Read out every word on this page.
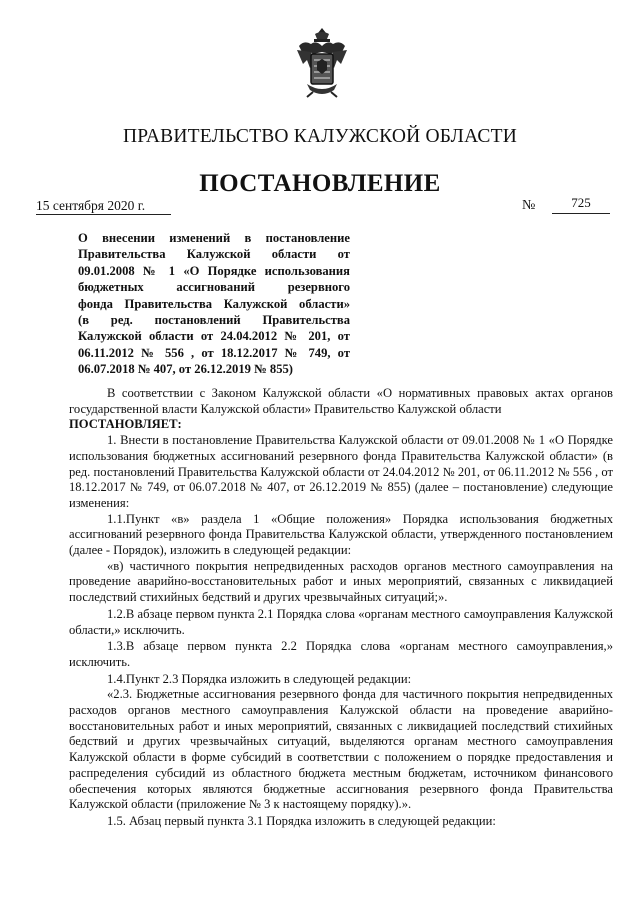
ПРАВИТЕЛЬСТВО КАЛУЖСКОЙ ОБЛАСТИ
ПОСТАНОВЛЕНИЕ
15 сентября 2020 г.	№	725
О внесении изменений в постановление
Правительства Калужской области от
09.01.2008 № 1 «О Порядке использования
бюджетных ассигнований резервного
фонда Правительства Калужской области»
(в ред. постановлений Правительства
Калужской области от 24.04.2012 № 201, от
06.11.2012 № 556 , от 18.12.2017 № 749, от
06.07.2018 № 407, от 26.12.2019 № 855)
В соответствии с Законом Калужской области «О нормативных правовых актах органов государственной власти Калужской области» Правительство Калужской области
ПОСТАНОВЛЯЕТ:
1. Внести в постановление Правительства Калужской области от 09.01.2008 № 1 «О Порядке использования бюджетных ассигнований резервного фонда Правительства Калужской области» (в ред. постановлений Правительства Калужской области от 24.04.2012 № 201, от 06.11.2012 № 556 , от 18.12.2017 № 749, от 06.07.2018 № 407, от 26.12.2019 № 855) (далее – постановление) следующие изменения:
1.1.Пункт «в» раздела 1 «Общие положения» Порядка использования бюджетных ассигнований резервного фонда Правительства Калужской области, утвержденного постановлением (далее - Порядок), изложить в следующей редакции:
«в) частичного покрытия непредвиденных расходов органов местного самоуправления на проведение аварийно-восстановительных работ и иных мероприятий, связанных с ликвидацией последствий стихийных бедствий и других чрезвычайных ситуаций;».
1.2.В абзаце первом пункта 2.1 Порядка слова «органам местного самоуправления Калужской области,» исключить.
1.3.В абзаце первом пункта 2.2 Порядка слова «органам местного самоуправления,» исключить.
1.4.Пункт 2.3 Порядка изложить в следующей редакции:
«2.3. Бюджетные ассигнования резервного фонда для частичного покрытия непредвиденных расходов органов местного самоуправления Калужской области на проведение аварийно-восстановительных работ и иных мероприятий, связанных с ликвидацией последствий стихийных бедствий и других чрезвычайных ситуаций, выделяются органам местного самоуправления Калужской области в форме субсидий в соответствии с положением о порядке предоставления и распределения субсидий из областного бюджета местным бюджетам, источником финансового обеспечения которых являются бюджетные ассигнования резервного фонда Правительства Калужской области (приложение № 3 к настоящему порядку).».
1.5. Абзац первый пункта 3.1 Порядка изложить в следующей редакции:
